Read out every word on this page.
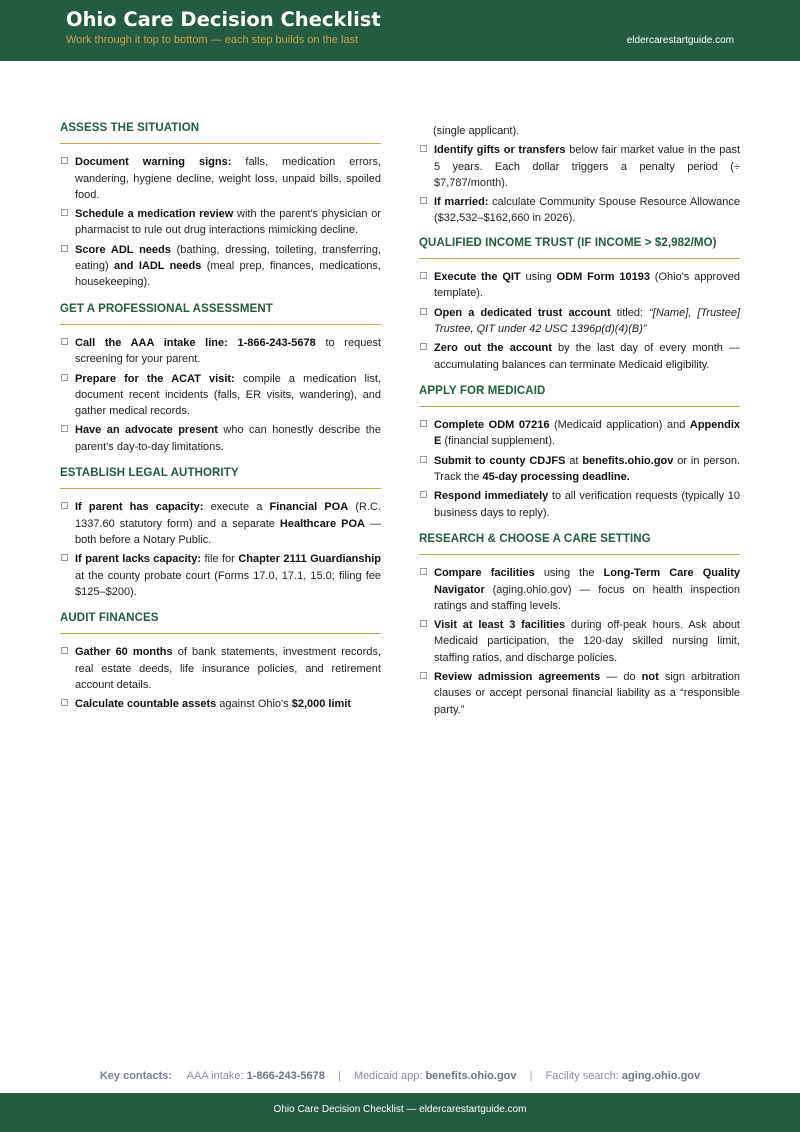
Ohio Care Decision Checklist
Work through it top to bottom — each step builds on the last	eldercarestartguide.com
ASSESS THE SITUATION
Document warning signs: falls, medication errors, wandering, hygiene decline, weight loss, unpaid bills, spoiled food.
Schedule a medication review with the parent's physician or pharmacist to rule out drug interactions mimicking decline.
Score ADL needs (bathing, dressing, toileting, transferring, eating) and IADL needs (meal prep, finances, medications, housekeeping).
GET A PROFESSIONAL ASSESSMENT
Call the AAA intake line: 1-866-243-5678 to request screening for your parent.
Prepare for the ACAT visit: compile a medication list, document recent incidents (falls, ER visits, wandering), and gather medical records.
Have an advocate present who can honestly describe the parent's day-to-day limitations.
ESTABLISH LEGAL AUTHORITY
If parent has capacity: execute a Financial POA (R.C. 1337.60 statutory form) and a separate Healthcare POA — both before a Notary Public.
If parent lacks capacity: file for Chapter 2111 Guardianship at the county probate court (Forms 17.0, 17.1, 15.0; filing fee $125–$200).
AUDIT FINANCES
Gather 60 months of bank statements, investment records, real estate deeds, life insurance policies, and retirement account details.
Calculate countable assets against Ohio's $2,000 limit
(single applicant).
Identify gifts or transfers below fair market value in the past 5 years. Each dollar triggers a penalty period (÷ $7,787/month).
If married: calculate Community Spouse Resource Allowance ($32,532–$162,660 in 2026).
QUALIFIED INCOME TRUST (IF INCOME > $2,982/MO)
Execute the QIT using ODM Form 10193 (Ohio's approved template).
Open a dedicated trust account titled: “[Name], [Trustee] Trustee, QIT under 42 USC 1396p(d)(4)(B)”
Zero out the account by the last day of every month — accumulating balances can terminate Medicaid eligibility.
APPLY FOR MEDICAID
Complete ODM 07216 (Medicaid application) and Appendix E (financial supplement).
Submit to county CDJFS at benefits.ohio.gov or in person. Track the 45-day processing deadline.
Respond immediately to all verification requests (typically 10 business days to reply).
RESEARCH & CHOOSE A CARE SETTING
Compare facilities using the Long-Term Care Quality Navigator (aging.ohio.gov) — focus on health inspection ratings and staffing levels.
Visit at least 3 facilities during off-peak hours. Ask about Medicaid participation, the 120-day skilled nursing limit, staffing ratios, and discharge policies.
Review admission agreements — do not sign arbitration clauses or accept personal financial liability as a “responsible party.”
Key contacts: AAA intake: 1-866-243-5678 | Medicaid app: benefits.ohio.gov | Facility search: aging.ohio.gov
Ohio Care Decision Checklist — eldercarestartguide.com
